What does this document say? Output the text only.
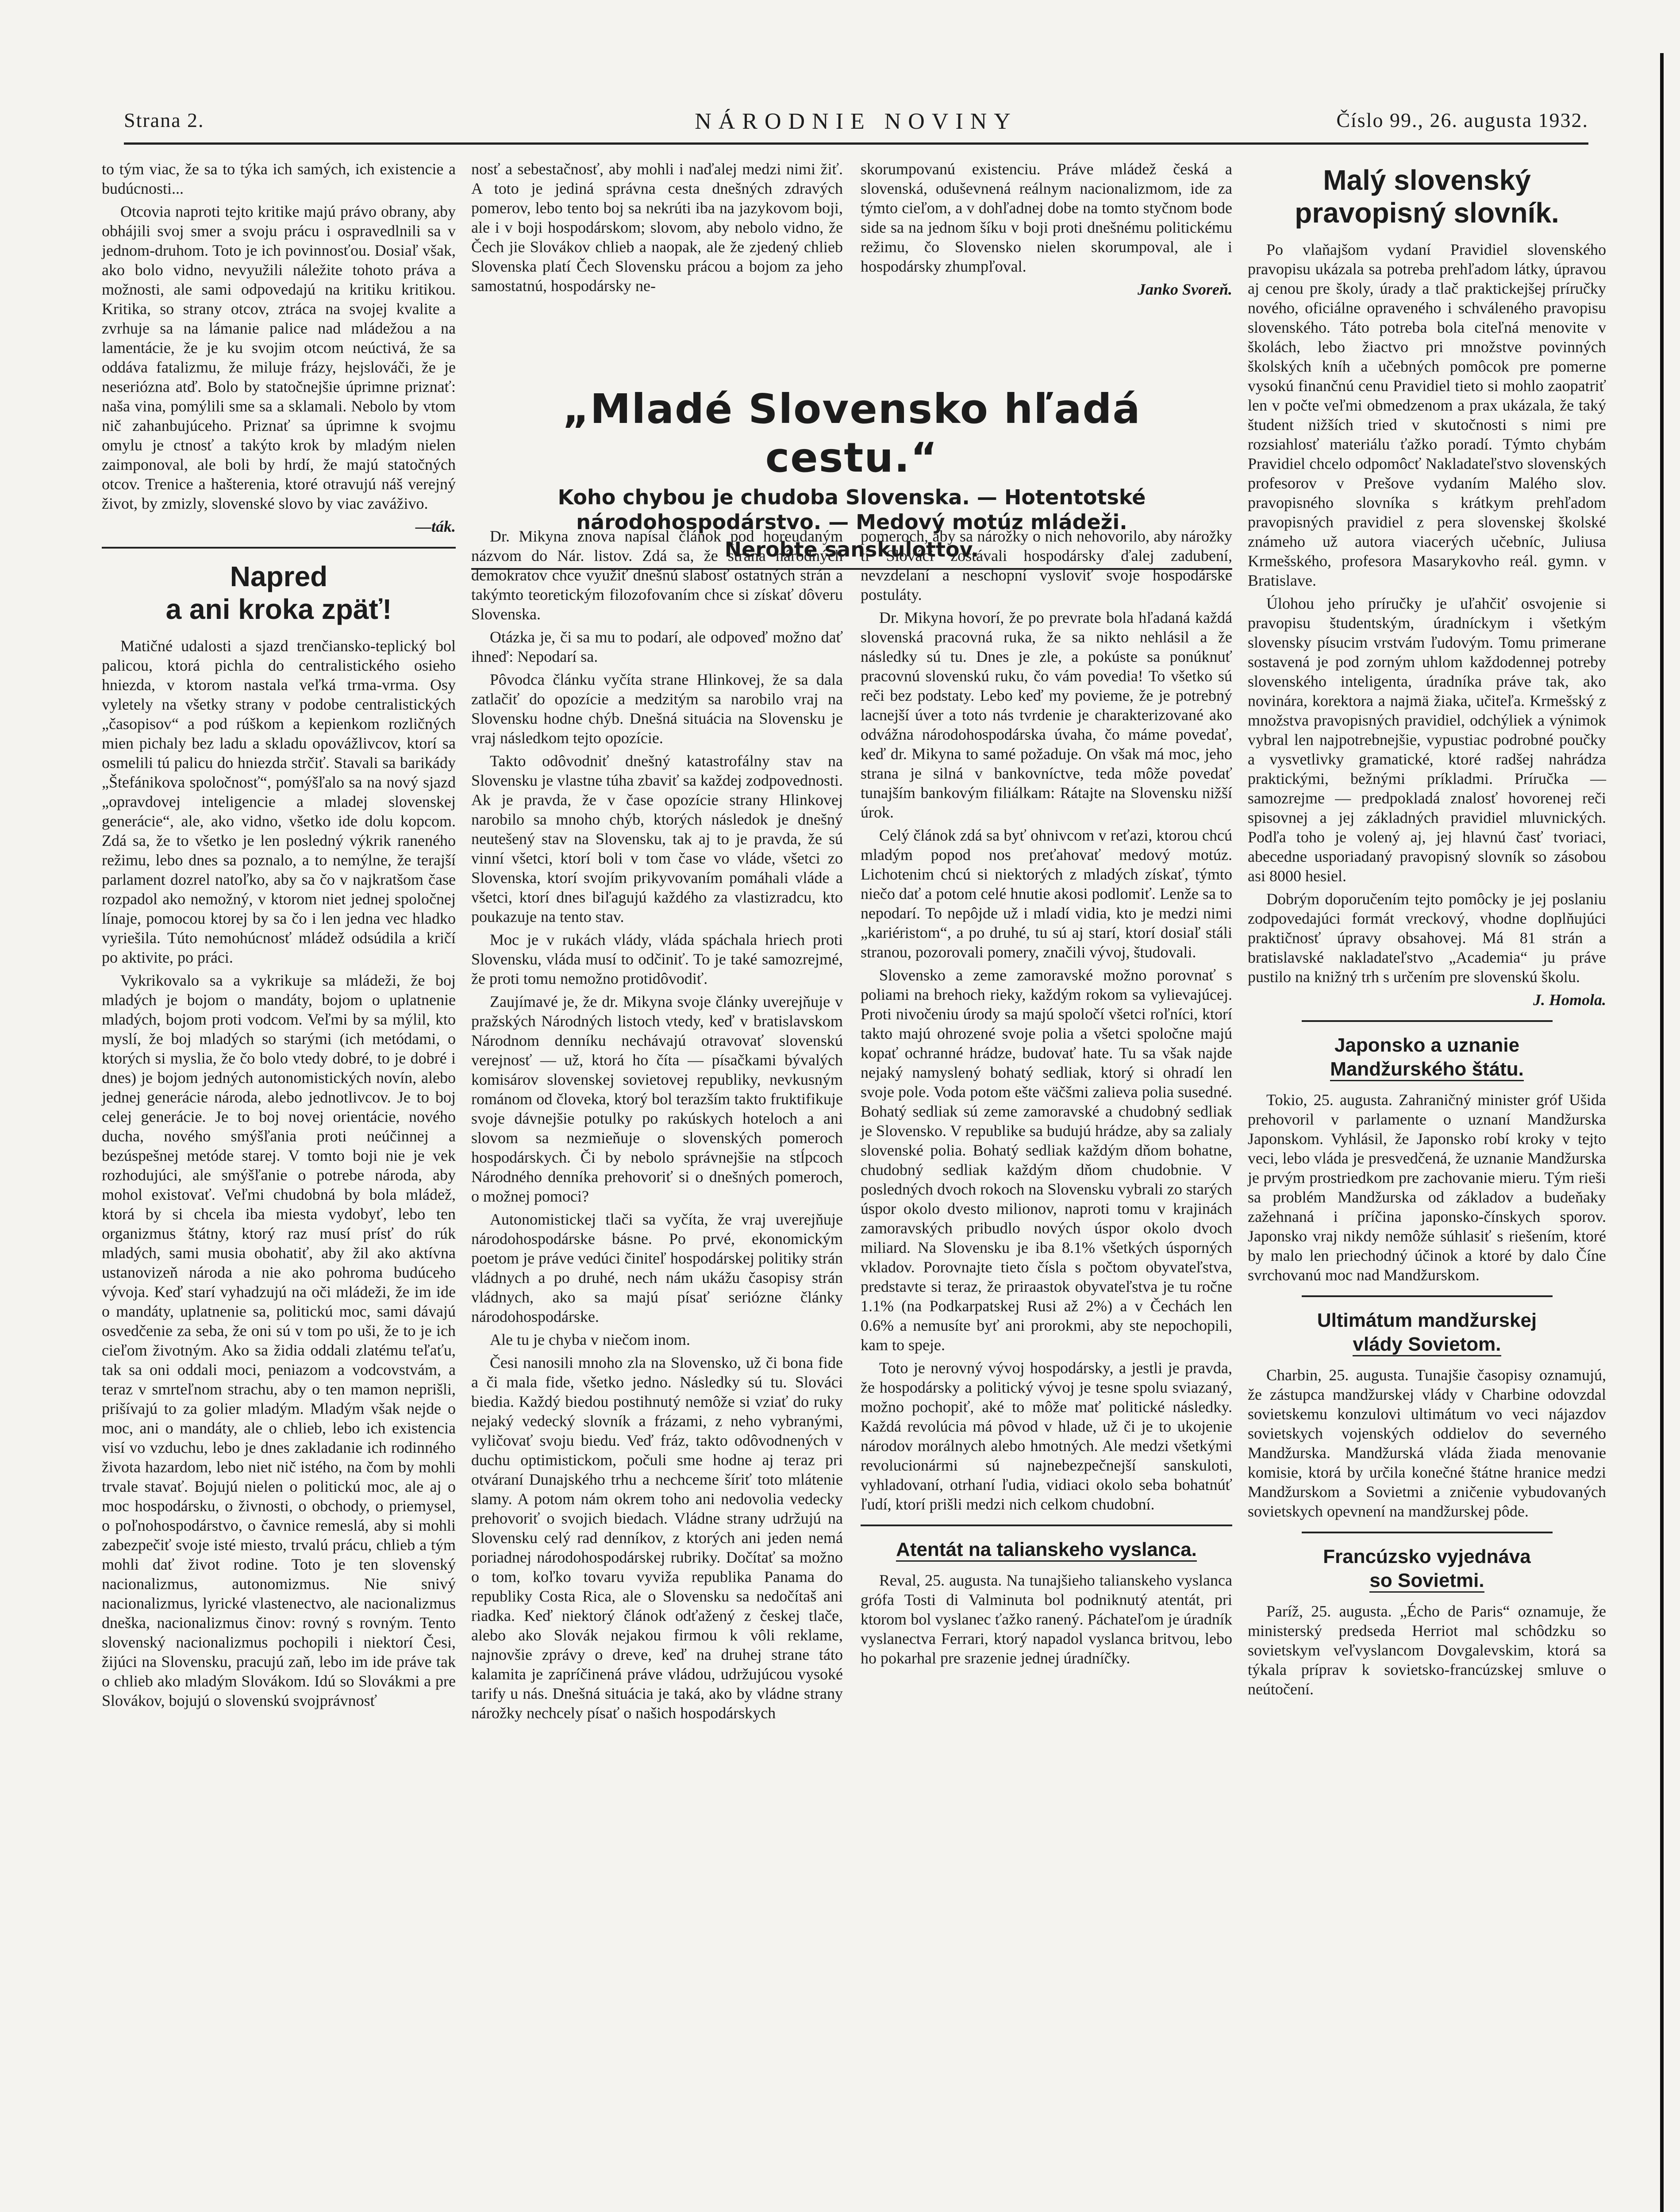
Strana 2.	NÁRODNIE NOVINY	Číslo 99., 26. augusta 1932.

to tým viac, že sa to týka ich samých, ich existencie a budúcnosti...

Otcovia naproti tejto kritike majú právo obrany, aby obhájili svoj smer a svoju prácu i ospravedlnili sa v jednom-druhom. Toto je ich povinnosťou. Dosiaľ však, ako bolo vidno, nevyužili náležite tohoto práva a možnosti, ale sami odpovedajú na kritiku kritikou. Kritika, so strany otcov, ztráca na svojej kvalite a zvrhuje sa na lámanie palice nad mládežou a na lamentácie, že je ku svojim otcom neúctivá, že sa oddáva fatalizmu, že miluje frázy, hejslováči, že je neseriózna atď. Bolo by statočnejšie úprimne priznať: naša vina, pomýlili sme sa a sklamali. Nebolo by vtom nič zahanbujúceho. Priznať sa úprimne k svojmu omylu je ctnosť a takýto krok by mladým nielen zaimponoval, ale boli by hrdí, že majú statočných otcov. Trenice a hašterenia, ktoré otravujú náš verejný život, by zmizly, slovenské slovo by viac zaváživo.

—ták.
Napred
a ani kroka zpäť!

Matičné udalosti a sjazd trenčiansko-teplický bol palicou, ktorá pichla do centralistického osieho hniezda, v ktorom nastala veľká trma-vrma. Osy vyletely na všetky strany v podobe centralistických „časopisov“ a pod rúškom a kepienkom rozličných mien pichaly bez ladu a skladu opovážlivcov, ktorí sa osmelili tú palicu do hniezda strčiť. Stavali sa barikády „Štefánikova spoločnosť“, pomýšľalo sa na nový sjazd „opravdovej inteligencie a mladej slovenskej generácie“, ale, ako vidno, všetko ide dolu kopcom. Zdá sa, že to všetko je len posledný výkrik raneného režimu, lebo dnes sa poznalo, a to nemýlne, že terajší parlament dozrel natoľko, aby sa čo v najkratšom čase rozpadol ako nemožný, v ktorom niet jednej spoločnej línaje, pomocou ktorej by sa čo i len jedna vec hladko vyriešila. Túto nemohúcnosť mládež odsúdila a kričí po aktivite, po práci.

Vykrikovalo sa a vykrikuje sa mládeži, že boj mladých je bojom o mandáty, bojom o uplatnenie mladých, bojom proti vodcom. Veľmi by sa mýlil, kto myslí, že boj mladých so starými (ich metódami, o ktorých si myslia, že čo bolo vtedy dobré, to je dobré i dnes) je bojom jedných autonomistických novín, alebo jednej generácie národa, alebo jednotlivcov. Je to boj celej generácie. Je to boj novej orientácie, nového ducha, nového smýšľania proti neúčinnej a bezúspešnej metóde starej. V tomto boji nie je vek rozhodujúci, ale smýšľanie o potrebe národa, aby mohol existovať. Veľmi chudobná by bola mládež, ktorá by si chcela iba miesta vydobyť, lebo ten organizmus štátny, ktorý raz musí prísť do rúk mladých, sami musia obohatiť, aby žil ako aktívna ustanovizeň národa a nie ako pohroma budúceho vývoja. Keď starí vyhadzujú na oči mládeži, že im ide o mandáty, uplatnenie sa, politickú moc, sami dávajú osvedčenie za seba, že oni sú v tom po uši, že to je ich cieľom životným. Ako sa židia oddali zlatému teľaťu, tak sa oni oddali moci, peniazom a vodcovstvám, a teraz v smrteľnom strachu, aby o ten mamon neprišli, prišívajú to za golier mladým. Mladým však nejde o moc, ani o mandáty, ale o chlieb, lebo ich existencia visí vo vzduchu, lebo je dnes zakladanie ich rodinného života hazardom, lebo niet nič istého, na čom by mohli trvale stavať. Bojujú nielen o politickú moc, ale aj o moc hospodársku, o živnosti, o obchody, o priemysel, o poľnohospodárstvo, o čavnice remeslá, aby si mohli zabezpečiť svoje isté miesto, trvalú prácu, chlieb a tým mohli dať život rodine. Toto je ten slovenský nacionalizmus, autonomizmus. Nie snivý nacionalizmus, lyrické vlastenectvo, ale nacionalizmus dneška, nacionalizmus činov: rovný s rovným. Tento slovenský nacionalizmus pochopili i niektorí Česi, žijúci na Slovensku, pracujú zaň, lebo im ide práve tak o chlieb ako mladým Slovákom. Idú so Slovákmi a pre Slovákov, bojujú o slovenskú svojprávnosť

nosť a sebestačnosť, aby mohli i naďalej medzi nimi žiť. A toto je jediná správna cesta dnešných zdravých pomerov, lebo tento boj sa nekrúti iba na jazykovom boji, ale i v boji hospodárskom; slovom, aby nebolo vidno, že Čech jie Slovákov chlieb a naopak, ale že zjedený chlieb Slovenska platí Čech Slovensku prácou a bojom za jeho samostatnú, hospodársky ne-

skorumpovanú existenciu. Práve mládež česká a slovenská, oduševnená reálnym nacionalizmom, ide za týmto cieľom, a v dohľadnej dobe na tomto styčnom bode side sa na jednom šíku v boji proti dnešnému politickému režimu, čo Slovensko nielen skorumpoval, ale i hospodársky zhumpľoval.

Janko Svoreň.
„Mladé Slovensko hľadá cestu.“
Koho chybou je chudoba Slovenska. — Hotentotské národohospodárstvo. — Medový motúz mládeži.
Nerobte sanskulottov.

Dr. Mikyna znova napísal článok pod horeudaným názvom do Nár. listov. Zdá sa, že strana národných demokratov chce využiť dnešnú slabosť ostatných strán a takýmto teoretickým filozofovaním chce si získať dôveru Slovenska.

Otázka je, či sa mu to podarí, ale odpoveď možno dať ihneď: Nepodarí sa.

Pôvodca článku vyčíta strane Hlinkovej, že sa dala zatlačiť do opozície a medzitým sa narobilo vraj na Slovensku hodne chýb. Dnešná situácia na Slovensku je vraj následkom tejto opozície.

Takto odôvodniť dnešný katastrofálny stav na Slovensku je vlastne túha zbaviť sa každej zodpovednosti. Ak je pravda, že v čase opozície strany Hlinkovej narobilo sa mnoho chýb, ktorých následok je dnešný neutešený stav na Slovensku, tak aj to je pravda, že sú vinní všetci, ktorí boli v tom čase vo vláde, všetci zo Slovenska, ktorí svojím prikyvovaním pomáhali vláde a všetci, ktorí dnes biľagujú každého za vlastizradcu, kto poukazuje na tento stav.

Moc je v rukách vlády, vláda spáchala hriech proti Slovensku, vláda musí to odčiniť. To je také samozrejmé, že proti tomu nemožno protidôvodiť.

Zaujímavé je, že dr. Mikyna svoje články uverejňuje v pražských Národných listoch vtedy, keď v bratislavskom Národnom denníku nechávajú otravovať slovenskú verejnosť — už, ktorá ho číta — písačkami bývalých komisárov slovenskej sovietovej republiky, nevkusným románom od človeka, ktorý bol terazším takto fruktifikuje svoje dávnejšie potulky po rakúskych hoteloch a ani slovom sa nezmieňuje o slovenských pomeroch hospodárskych. Či by nebolo správnejšie na stĺpcoch Národného denníka prehovoriť si o dnešných pomeroch, o možnej pomoci?

Autonomistickej tlači sa vyčíta, že vraj uverejňuje národohospodárske básne. Po prvé, ekonomickým poetom je práve vedúci činiteľ hospodárskej politiky strán vládnych a po druhé, nech nám ukážu časopisy strán vládnych, ako sa majú písať seriózne články národohospodárske.

Ale tu je chyba v niečom inom.

Česi nanosili mnoho zla na Slovensko, už či bona fide a či mala fide, všetko jedno. Následky sú tu. Slováci biedia. Každý biedou postihnutý nemôže si vziať do ruky nejaký vedecký slovník a frázami, z neho vybranými, vyličovať svoju biedu. Veď fráz, takto odôvodnených v duchu optimistickom, počuli sme hodne aj teraz pri otváraní Dunajského trhu a nechceme šíriť toto mlátenie slamy. A potom nám okrem toho ani nedovolia vedecky prehovoriť o svojich biedach. Vládne strany udržujú na Slovensku celý rad denníkov, z ktorých ani jeden nemá poriadnej národohospodárskej rubriky. Dočítať sa možno o tom, koľko tovaru vyviža republika Panama do republiky Costa Rica, ale o Slovensku sa nedočítaš ani riadka. Keď niektorý článok odťažený z českej tlače, alebo ako Slovák nejakou firmou k vôli reklame, najnovšie zprávy o dreve, keď na druhej strane táto kalamita je zapríčinená práve vládou, udržujúcou vysoké tarify u nás. Dnešná situácia je taká, ako by vládne strany nárožky nechcely písať o našich hospodárskych

pomeroch, aby sa nárožky o nich nehovorilo, aby nárožky tí Slováci zostávali hospodársky ďalej zadubení, nevzdelaní a neschopní vysloviť svoje hospodárske postuláty.

Dr. Mikyna hovorí, že po prevrate bola hľadaná každá slovenská pracovná ruka, že sa nikto nehlásil a že následky sú tu. Dnes je zle, a pokúste sa ponúknuť pracovnú slovenskú ruku, čo vám povedia! To všetko sú reči bez podstaty. Lebo keď my povieme, že je potrebný lacnejší úver a toto nás tvrdenie je charakterizované ako odvážna národohospodárska úvaha, čo máme povedať, keď dr. Mikyna to samé požaduje. On však má moc, jeho strana je silná v bankovníctve, teda môže povedať tunajším bankovým filiálkam: Rátajte na Slovensku nižší úrok.

Celý článok zdá sa byť ohnivcom v reťazi, ktorou chcú mladým popod nos preťahovať medový motúz. Lichotenim chcú si niektorých z mladých získať, týmto niečo dať a potom celé hnutie akosi podlomiť. Lenže sa to nepodarí. To nepôjde už i mladí vidia, kto je medzi nimi „kariéristom“, a po druhé, tu sú aj starí, ktorí dosiaľ stáli stranou, pozorovali pomery, značili vývoj, študovali.

Slovensko a zeme zamoravské možno porovnať s poliami na brehoch rieky, každým rokom sa vylievajúcej. Proti nivočeniu úrody sa majú spoločí všetci roľníci, ktorí takto majú ohrozené svoje polia a všetci spoločne majú kopať ochranné hrádze, budovať hate. Tu sa však najde nejaký namyslený bohatý sedliak, ktorý si ohradí len svoje pole. Voda potom ešte väčšmi zalieva polia susedné. Bohatý sedliak sú zeme zamoravské a chudobný sedliak je Slovensko. V republike sa budujú hrádze, aby sa zalialy slovenské polia. Bohatý sedliak každým dňom bohatne, chudobný sedliak každým dňom chudobnie. V posledných dvoch rokoch na Slovensku vybrali zo starých úspor okolo dvesto milionov, naproti tomu v krajinách zamoravských pribudlo nových úspor okolo dvoch miliard. Na Slovensku je iba 8.1% všetkých úsporných vkladov. Porovnajte tieto čísla s počtom obyvateľstva, predstavte si teraz, že priraastok obyvateľstva je tu ročne 1.1% (na Podkarpatskej Rusi až 2%) a v Čechách len 0.6% a nemusíte byť ani prorokmi, aby ste nepochopili, kam to speje.

Toto je nerovný vývoj hospodársky, a jestli je pravda, že hospodársky a politický vývoj je tesne spolu sviazaný, možno pochopiť, aké to môže mať politické následky. Každá revolúcia má pôvod v hlade, už či je to ukojenie národov morálnych alebo hmotných. Ale medzi všetkými revolucionármi sú najnebezpečnejší sanskuloti, vyhladovaní, otrhaní ľudia, vidiaci okolo seba bohatnúť ľudí, ktorí prišli medzi nich celkom chudobní.

Atentát na talianskeho vyslanca.

Reval, 25. augusta. Na tunajšieho talianskeho vyslanca grófa Tosti di Valminuta bol podniknutý atentát, pri ktorom bol vyslanec ťažko ranený. Páchateľom je úradník vyslanectva Ferrari, ktorý napadol vyslanca britvou, lebo ho pokarhal pre srazenie jednej úradníčky.

Malý slovenský
pravopisný slovník.

Po vlaňajšom vydaní Pravidiel slovenského pravopisu ukázala sa potreba prehľadom látky, úpravou aj cenou pre školy, úrady a tlač praktickejšej príručky nového, oficiálne opraveného i schváleného pravopisu slovenského. Táto potreba bola citeľná menovite v školách, lebo žiactvo pri množstve povinných školských kníh a učebných pomôcok pre pomerne vysokú finančnú cenu Pravidiel tieto si mohlo zaopatriť len v počte veľmi obmedzenom a prax ukázala, že taký študent nižších tried v skutočnosti s nimi pre rozsiahlosť materiálu ťažko poradí. Týmto chybám Pravidiel chcelo odpomôcť Nakladateľstvo slovenských profesorov v Prešove vydaním Malého slov. pravopisného slovníka s krátkym prehľadom pravopisných pravidiel z pera slovenskej školské známeho už autora viacerých učebníc, Juliusa Krmešského, profesora Masarykovho reál. gymn. v Bratislave.

Úlohou jeho príručky je uľahčiť osvojenie si pravopisu študentským, úradníckym i všetkým slovensky písucim vrstvám ľudovým. Tomu primerane sostavená je pod zorným uhlom každodennej potreby slovenského inteligenta, úradníka práve tak, ako novinára, korektora a najmä žiaka, učiteľa. Krmešský z množstva pravopisných pravidiel, odchýliek a výnimok vybral len najpotrebnejšie, vypustiac podrobné poučky a vysvetlivky gramatické, ktoré radšej nahrádza praktickými, bežnými príkladmi. Príručka — samozrejme — predpokladá znalosť hovorenej reči spisovnej a jej základných pravidiel mluvnických. Podľa toho je volený aj, jej hlavnú časť tvoriaci, abecedne usporiadaný pravopisný slovník so zásobou asi 8000 hesiel.

Dobrým doporučením tejto pomôcky je jej poslaniu zodpovedajúci formát vreckový, vhodne doplňujúci praktičnosť úpravy obsahovej. Má 81 strán a bratislavské nakladateľstvo „Academia“ ju práve pustilo na knižný trh s určením pre slovenskú školu.

J. Homola.
Japonsko a uznanie
Mandžurského štátu.

Tokio, 25. augusta. Zahraničný minister gróf Ušida prehovoril v parlamente o uznaní Mandžurska Japonskom. Vyhlásil, že Japonsko robí kroky v tejto veci, lebo vláda je presvedčená, že uznanie Mandžurska je prvým prostriedkom pre zachovanie mieru. Tým rieši sa problém Mandžurska od základov a budeňaky zažehnaná i príčina japonsko-čínskych sporov. Japonsko vraj nikdy nemôže súhlasiť s riešením, ktoré by malo len priechodný účinok a ktoré by dalo Číne svrchovanú moc nad Mandžurskom.

Ultimátum mandžurskej
vlády Sovietom.

Charbin, 25. augusta. Tunajšie časopisy oznamujú, že zástupca mandžurskej vlády v Charbine odovzdal sovietskemu konzulovi ultimátum vo veci nájazdov sovietskych vojenských oddielov do severného Mandžurska. Mandžurská vláda žiada menovanie komisie, ktorá by určila konečné štátne hranice medzi Mandžurskom a Sovietmi a zničenie vybudovaných sovietskych opevnení na mandžurskej pôde.

Francúzsko vyjednáva
so Sovietmi.

Paríž, 25. augusta. „Écho de Paris“ oznamuje, že ministerský predseda Herriot mal schôdzku so sovietskym veľvyslancom Dovgalevskim, ktorá sa týkala príprav k sovietsko-francúzskej smluve o neútočení.
